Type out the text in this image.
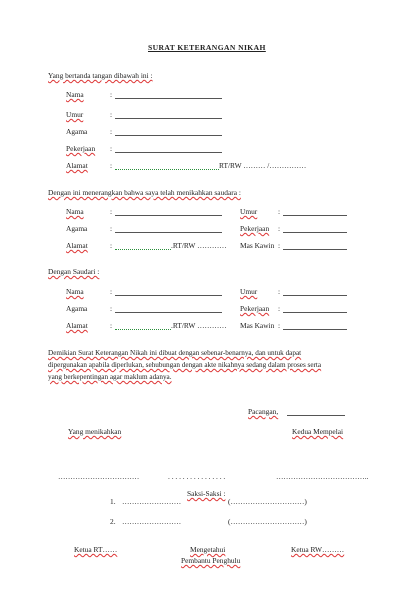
SURAT KETERANGAN NIKAH
Yang bertanda tangan dibawah ini :
Nama	:
Umur	:
Agama	:
Pekerjaan :
Alamat	:	RT/RW ……… /……………
Dengan ini menerangkan bahwa saya telah menikahkan saudara :
Nama	:	Umur	:
Agama	:	Pekerjaan :
Alamat	:	.RT/RW ………… Mas Kawin :
Dengan Saudari :
Nama	:	Umur	:
Agama	:	Pekerjaan :
Alamat	:	.RT/RW ………… Mas Kawin :
Demikian Surat Keterangan Nikah ini dibuat dengan sebenar-benarnya, dan untuk dapat
dipergunakan apabila diperlukan, sehubungan dengan akte nikahnya sedang dalam proses serta
yang berkepentingan agar maklum adanya.
Pacangan,
Yang menikahkan	Kedua Mempelai
……………………………	. . . . . . . . . . . . . . . .	………………………………..
Saksi-Saksi :
1. ……………………	(…………………………)
2. ……………………	(…………………………)
Ketua RT……	Mengetahui
Pembantu Penghulu
Ketua RW………
